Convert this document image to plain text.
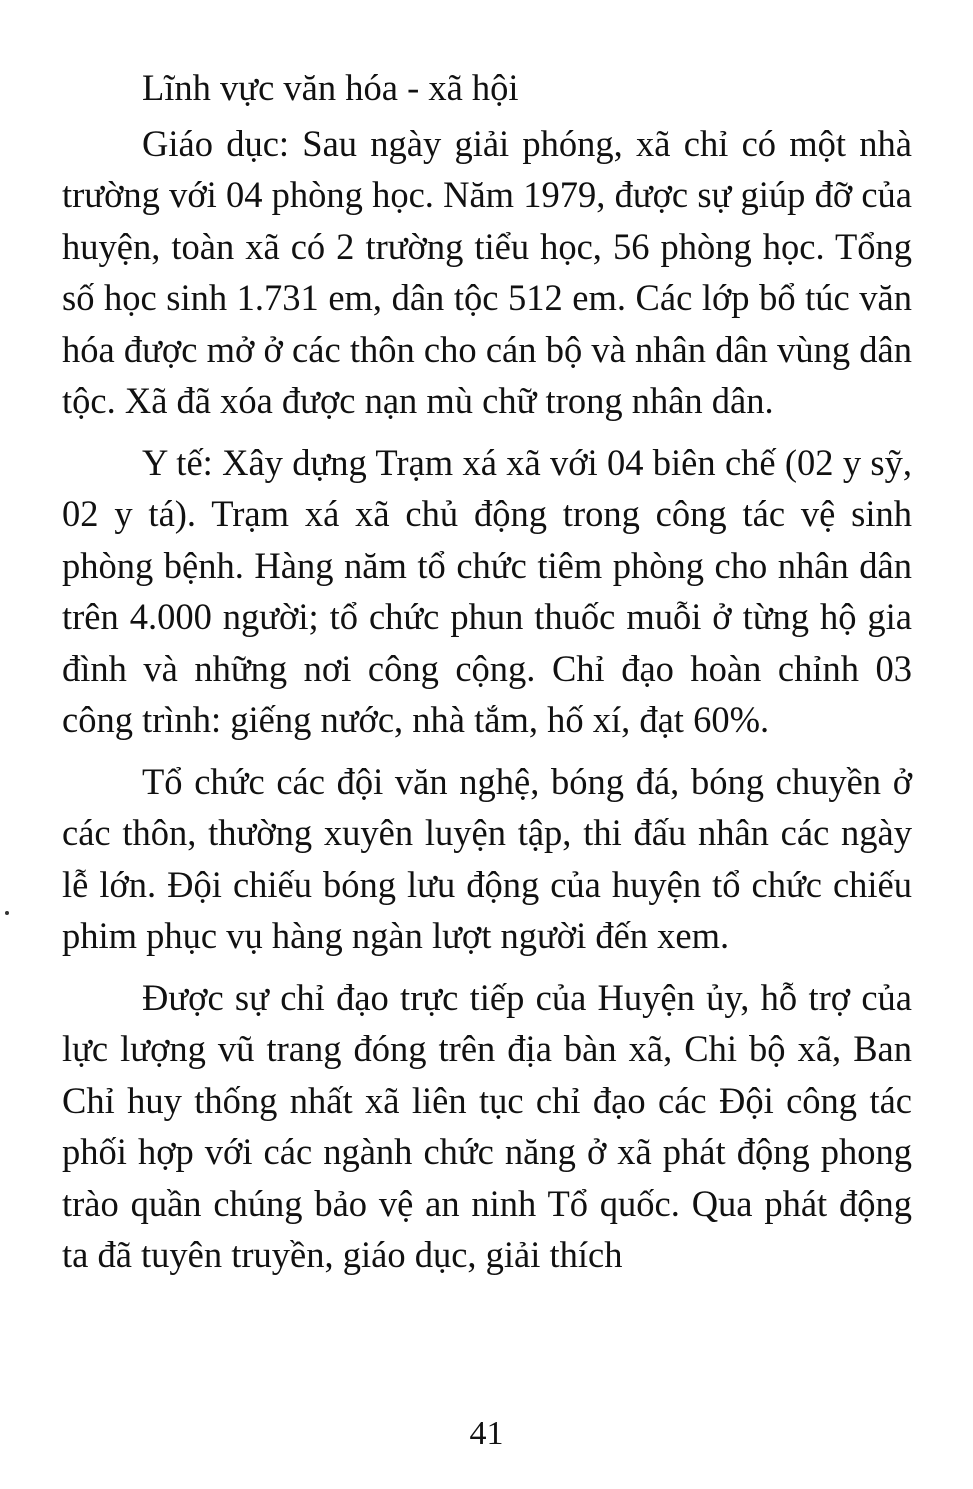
Lĩnh vực văn hóa - xã hội

Giáo dục: Sau ngày giải phóng, xã chỉ có một nhà trường với 04 phòng học. Năm 1979, được sự giúp đỡ của huyện, toàn xã có 2 trường tiểu học, 56 phòng học. Tổng số học sinh 1.731 em, dân tộc 512 em. Các lớp bổ túc văn hóa được mở ở các thôn cho cán bộ và nhân dân vùng dân tộc. Xã đã xóa được nạn mù chữ trong nhân dân.

Y tế: Xây dựng Trạm xá xã với 04 biên chế (02 y sỹ, 02 y tá). Trạm xá xã chủ động trong công tác vệ sinh phòng bệnh. Hàng năm tổ chức tiêm phòng cho nhân dân trên 4.000 người; tổ chức phun thuốc muỗi ở từng hộ gia đình và những nơi công cộng. Chỉ đạo hoàn chỉnh 03 công trình: giếng nước, nhà tắm, hố xí, đạt 60%.

Tổ chức các đội văn nghệ, bóng đá, bóng chuyền ở các thôn, thường xuyên luyện tập, thi đấu nhân các ngày lễ lớn. Đội chiếu bóng lưu động của huyện tổ chức chiếu phim phục vụ hàng ngàn lượt người đến xem.

Được sự chỉ đạo trực tiếp của Huyện ủy, hỗ trợ của lực lượng vũ trang đóng trên địa bàn xã, Chi bộ xã, Ban Chỉ huy thống nhất xã liên tục chỉ đạo các Đội công tác phối hợp với các ngành chức năng ở xã phát động phong trào quần chúng bảo vệ an ninh Tổ quốc. Qua phát động ta đã tuyên truyền, giáo dục, giải thích

41
